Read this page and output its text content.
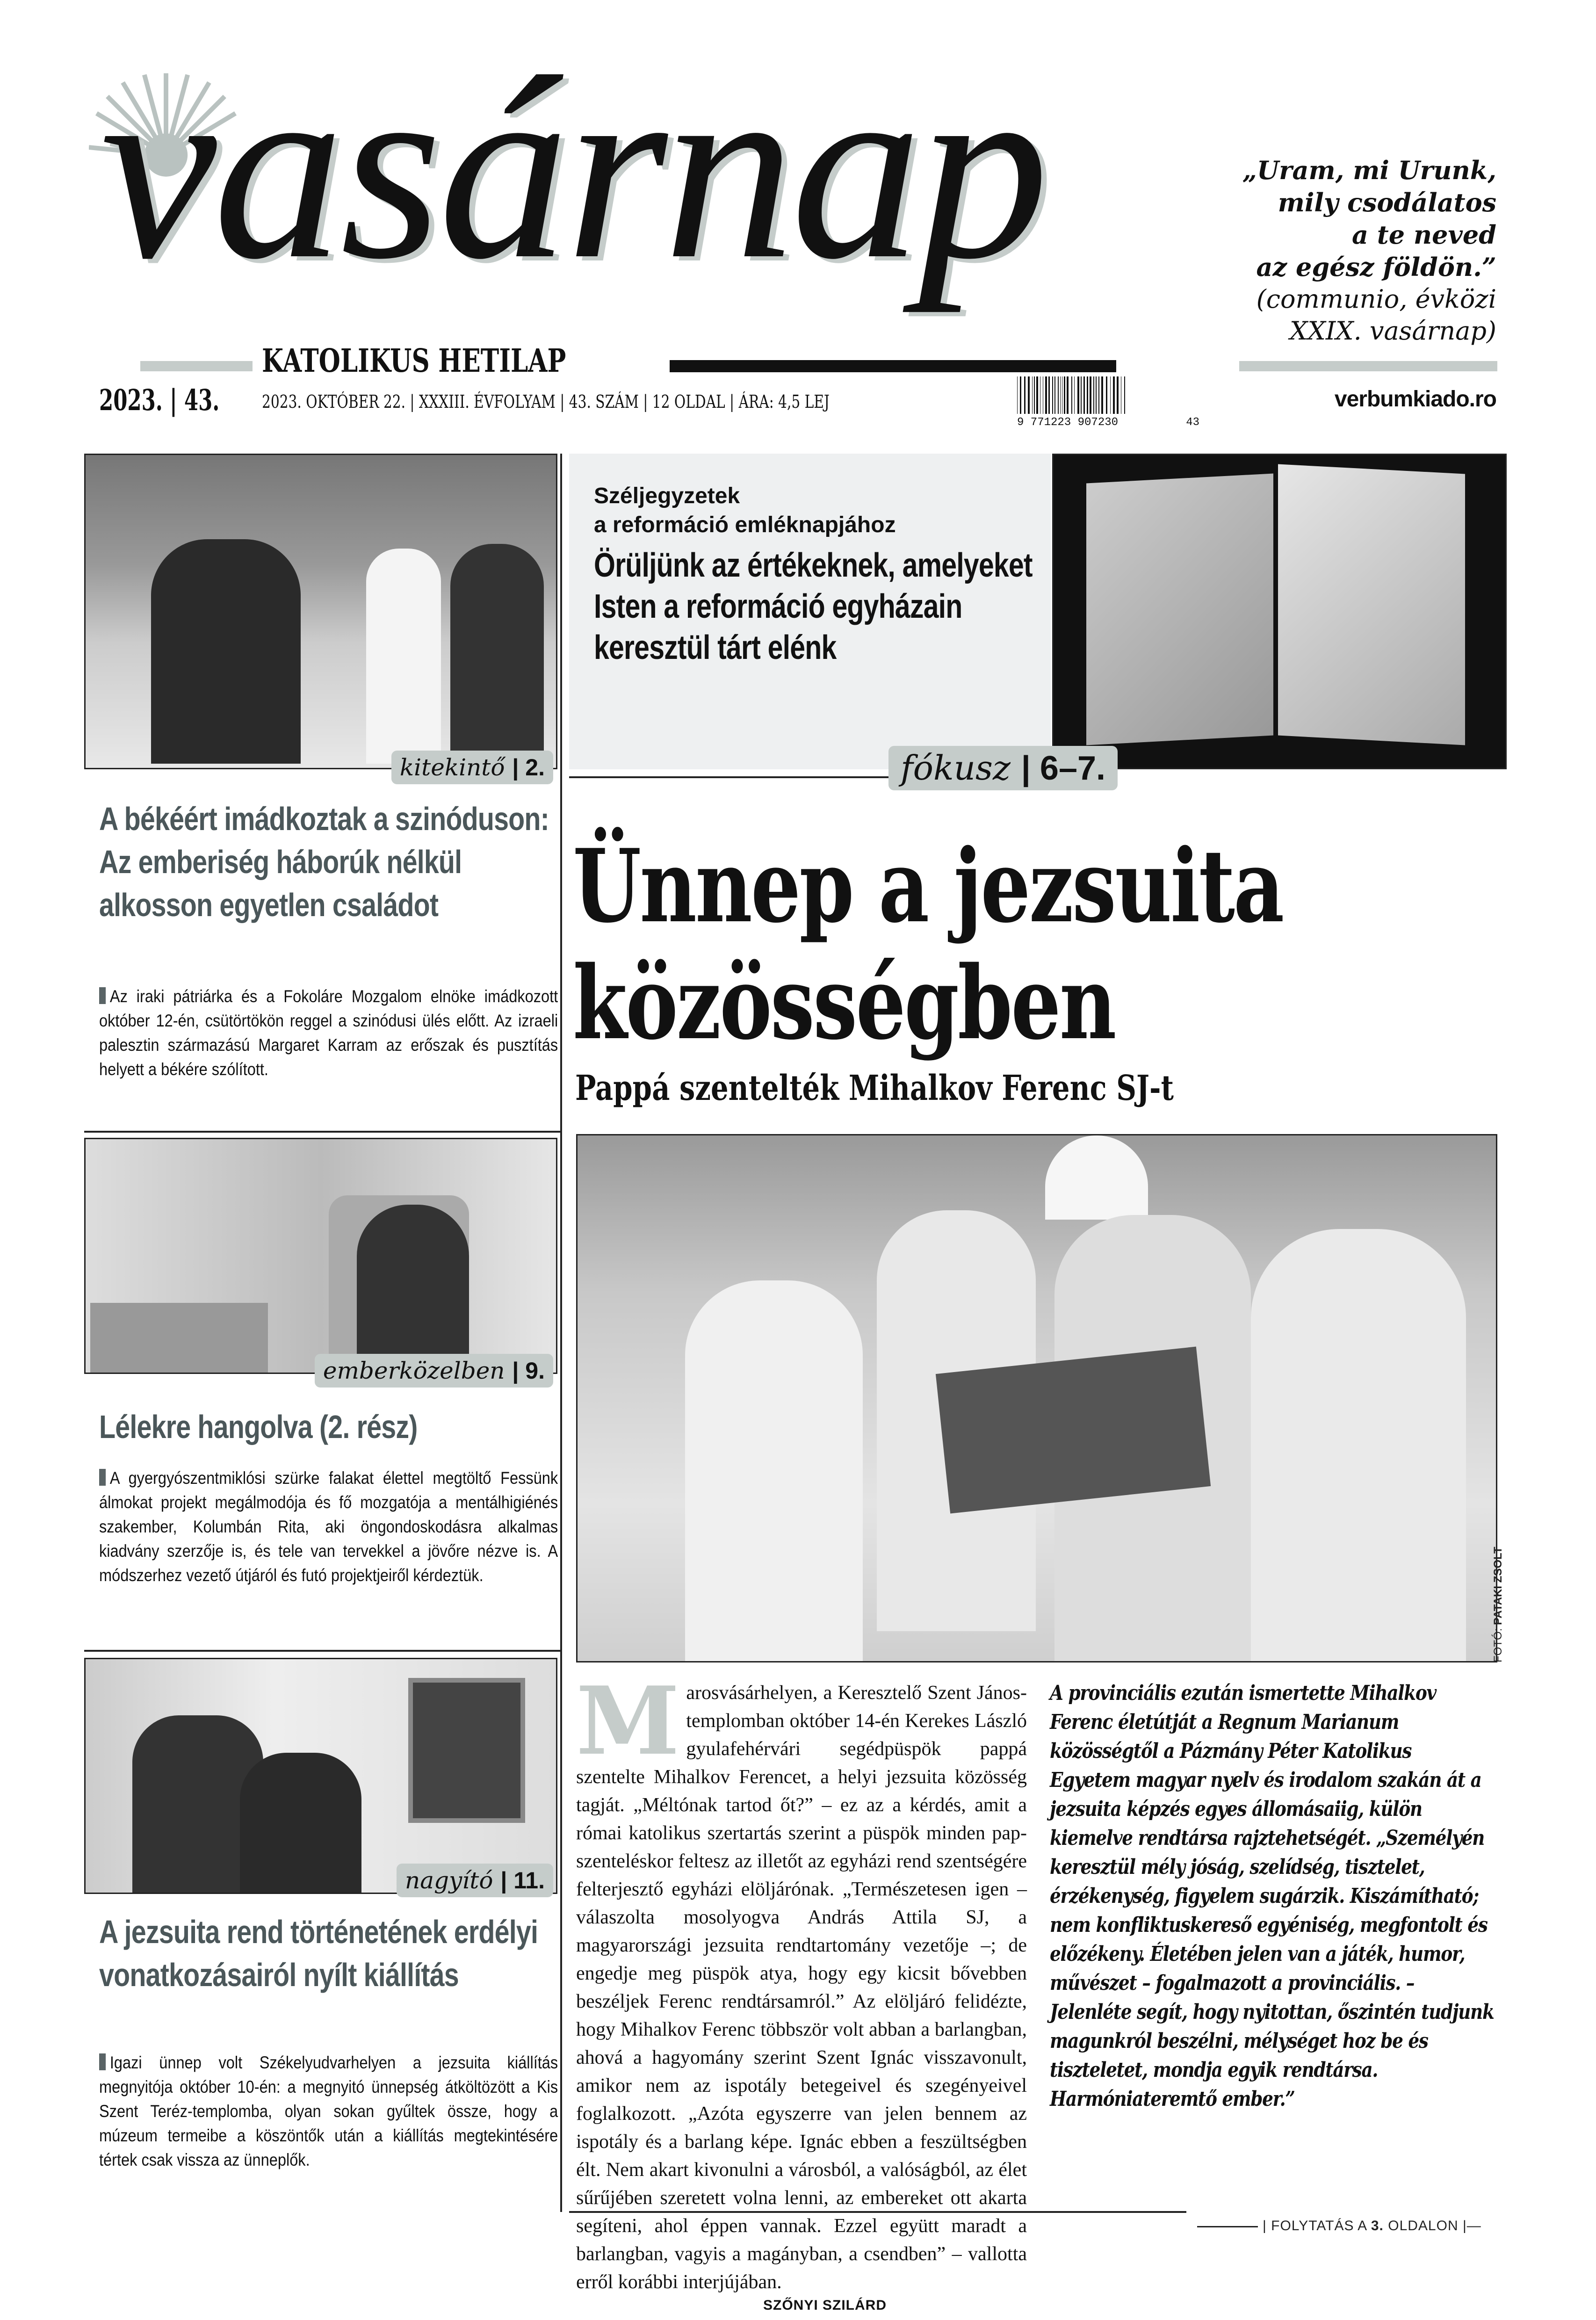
vasárnap
KATOLIKUS HETILAP
„Uram, mi Urunk,
mily csodálatos
a te neved
az egész földön.”
(communio, évközi
XXIX. vasárnap)
2023. | 43. 2023. OKTÓBER 22. | XXXIII. ÉVFOLYAM | 43. SZÁM | 12 OLDAL | ÁRA: 4,5 LEJ
9 771223 907230	43
verbumkiado.ro
kitekintő | 2.
A békéért imádkoztak a szinóduson: Az emberiség háborúk nélkül alkosson egyetlen családot
Az iraki pátriárka és a Fokoláre Mozgalom elnöke imádkozott október 12-én, csütörtökön reggel a szinódusi ülés előtt. Az izraeli palesztin származású Margaret Karram az erőszak és pusztítás helyett a békére szólított.
emberközelben | 9.
Lélekre hangolva (2. rész)
A gyergyószentmiklósi szürke falakat élettel megtöltő Fessünk álmokat projekt megálmodója és fő mozgatója a mentálhigiénés szakember, Kolumbán Rita, aki öngondoskodásra alkalmas kiadvány szerzője is, és tele van tervekkel a jövőre nézve is. A módszerhez vezető útjáról és futó projektjeiről kérdeztük.
nagyító | 11.
A jezsuita rend történetének erdélyi vonatkozásairól nyílt kiállítás
Igazi ünnep volt Székelyudvarhelyen a jezsuita kiállítás megnyitója október 10-én: a megnyitó ünnepség átköltözött a Kis Szent Teréz-templomba, olyan sokan gyűltek össze, hogy a múzeum termeibe a köszöntők után a kiállítás megtekintésére tértek csak vissza az ünneplők.
Széljegyzetek
a reformáció emléknapjához
Örüljünk az értékeknek, amelyeket Isten a reformáció egyházain keresztül tárt elénk
fókusz | 6–7.
Ünnep a jezsuita
közösségben
Pappá szentelték Mihalkov Ferenc SJ-t
FOTÓ: PATAKI ZSOLT
Marosvásárhelyen, a Keresztelő Szent János-templomban október 14-én Kerekes László gyulafehérvári segédpüspök pappá szentelte Mihalkov Ferencet, a helyi jezsuita közösség tagját. „Méltónak tartod őt?” – ez az a kérdés, amit a római katolikus szertartás szerint a püspök minden pap-szenteléskor feltesz az illetőt az egyházi rend szentségére felterjesztő egyházi elöljárónak. „Természetesen igen – válaszolta mosolyogva András Attila SJ, a magyarországi jezsuita rendtartomány vezetője –; de engedje meg püspök atya, hogy egy kicsit bővebben beszéljek Ferenc rendtársamról.” Az elöljáró felidézte, hogy Mihalkov Ferenc többször volt abban a barlangban, ahová a hagyomány szerint Szent Ignác visszavonult, amikor nem az ispotály betegeivel és szegényeivel foglalkozott. „Azóta egyszerre van jelen bennem az ispotály és a barlang képe. Ignác ebben a feszültségben élt. Nem akart kivonulni a városból, a valóságból, az élet sűrűjében szeretett volna lenni, az embereket ott akarta segíteni, ahol éppen vannak. Ezzel együtt maradt a barlangban, vagyis a magányban, a csendben” – vallotta erről korábbi interjújában.
SZŐNYI SZILÁRD
A provinciális ezután ismertette Mihalkov Ferenc életútját a Regnum Marianum közösségtől a Pázmány Péter Katolikus Egyetem magyar nyelv és irodalom szakán át a jezsuita képzés egyes állomásaiig, külön kiemelve rendtársa rajztehetségét. „Személyén keresztül mély jóság, szelídség, tisztelet, érzékenység, figyelem sugárzik. Kiszámítható; nem konfliktuskereső egyéniség, megfontolt és előzékeny. Életében jelen van a játék, humor, művészet – fogalmazott a provinciális. – Jelenléte segít, hogy nyitottan, őszintén tudjunk magunkról beszélni, mélységet hoz be és tiszteletet, mondja egyik rendtársa. Harmóniateremtő ember.”
| FOLYTATÁS A 3. OLDALON |—
